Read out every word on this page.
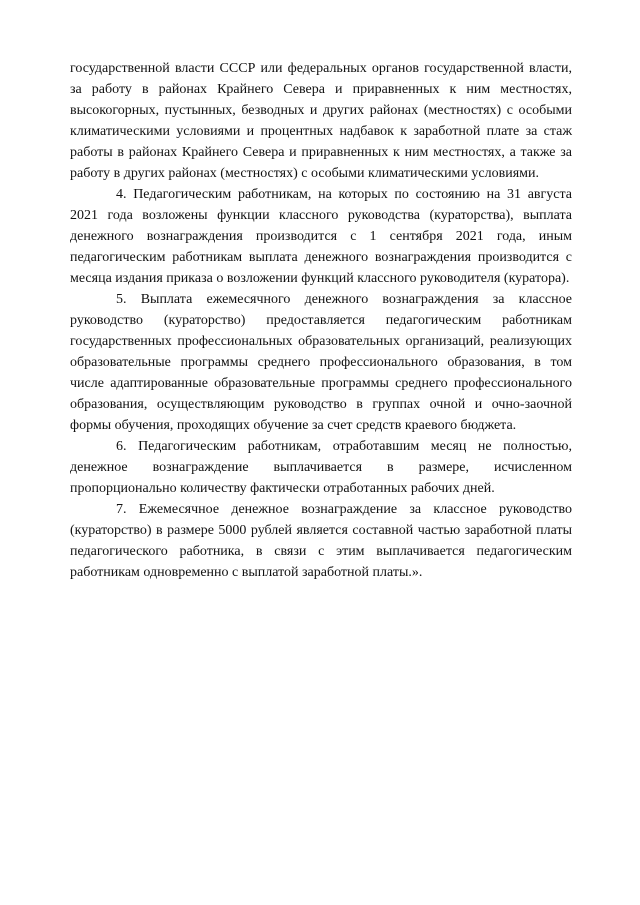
государственной власти СССР или федеральных органов государственной власти, за работу в районах Крайнего Севера и приравненных к ним местностях, высокогорных, пустынных, безводных и других районах (местностях) с особыми климатическими условиями и процентных надбавок к заработной плате за стаж работы в районах Крайнего Севера и приравненных к ним местностях, а также за работу в других районах (местностях) с особыми климатическими условиями.

4. Педагогическим работникам, на которых по состоянию на 31 августа 2021 года возложены функции классного руководства (кураторства), выплата денежного вознаграждения производится с 1 сентября 2021 года, иным педагогическим работникам выплата денежного вознаграждения производится с месяца издания приказа о возложении функций классного руководителя (куратора).

5. Выплата ежемесячного денежного вознаграждения за классное руководство (кураторство) предоставляется педагогическим работникам государственных профессиональных образовательных организаций, реализующих образовательные программы среднего профессионального образования, в том числе адаптированные образовательные программы среднего профессионального образования, осуществляющим руководство в группах очной и очно-заочной формы обучения, проходящих обучение за счет средств краевого бюджета.

6. Педагогическим работникам, отработавшим месяц не полностью, денежное вознаграждение выплачивается в размере, исчисленном пропорционально количеству фактически отработанных рабочих дней.

7. Ежемесячное денежное вознаграждение за классное руководство (кураторство) в размере 5000 рублей является составной частью заработной платы педагогического работника, в связи с этим выплачивается педагогическим работникам одновременно с выплатой заработной платы.».
